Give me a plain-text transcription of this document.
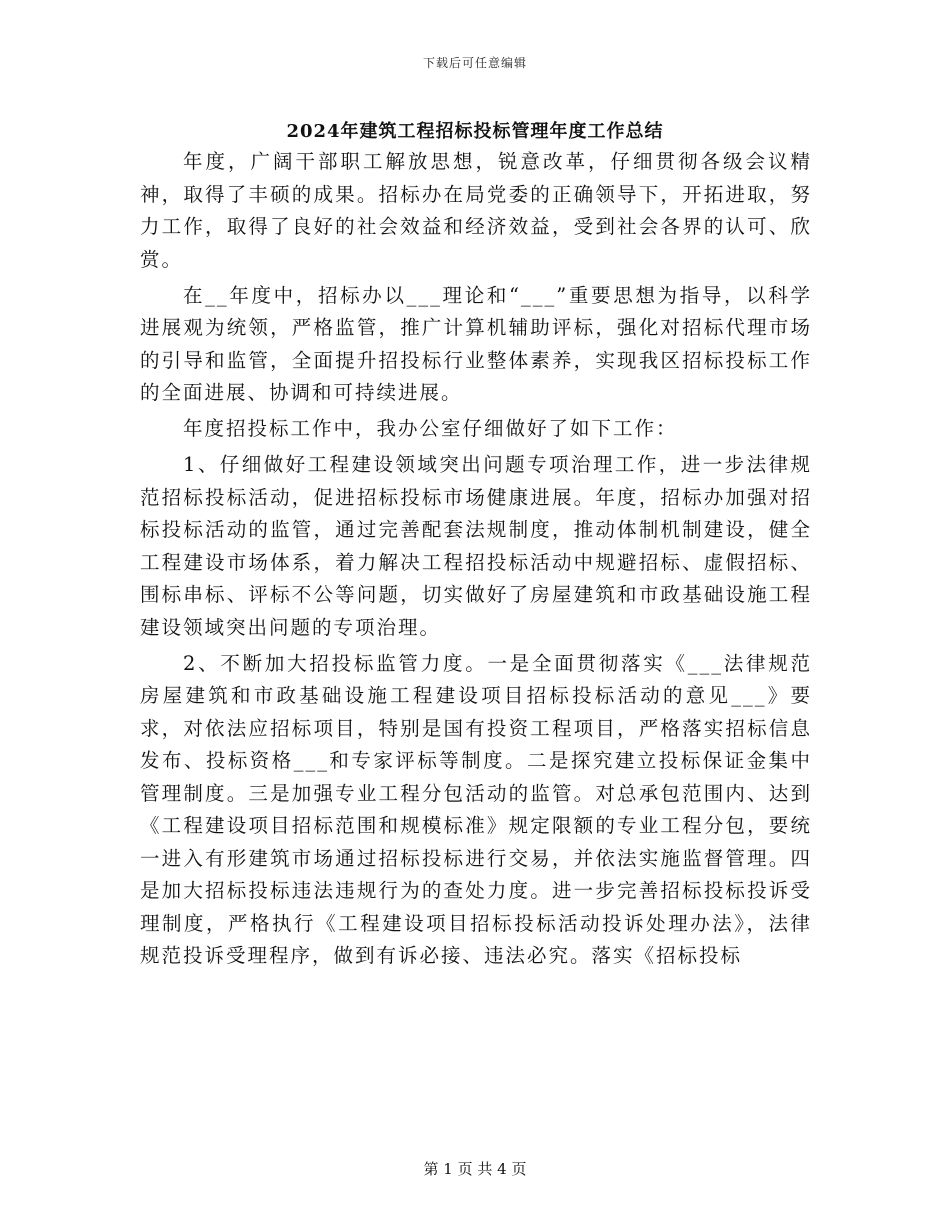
下载后可任意编辑
2024年建筑工程招标投标管理年度工作总结

年度，广阔干部职工解放思想，锐意改革，仔细贯彻各级会议精神，取得了丰硕的成果。招标办在局党委的正确领导下，开拓进取，努力工作，取得了良好的社会效益和经济效益，受到社会各界的认可、欣赏。

在__年度中，招标办以___理论和“___”重要思想为指导，以科学进展观为统领，严格监管，推广计算机辅助评标，强化对招标代理市场的引导和监管，全面提升招投标行业整体素养，实现我区招标投标工作的全面进展、协调和可持续进展。

年度招投标工作中，我办公室仔细做好了如下工作：

1、仔细做好工程建设领域突出问题专项治理工作，进一步法律规范招标投标活动，促进招标投标市场健康进展。年度，招标办加强对招标投标活动的监管，通过完善配套法规制度，推动体制机制建设，健全工程建设市场体系，着力解决工程招投标活动中规避招标、虚假招标、围标串标、评标不公等问题，切实做好了房屋建筑和市政基础设施工程建设领域突出问题的专项治理。

2、不断加大招投标监管力度。一是全面贯彻落实《___法律规范房屋建筑和市政基础设施工程建设项目招标投标活动的意见___》要求，对依法应招标项目，特别是国有投资工程项目，严格落实招标信息发布、投标资格___和专家评标等制度。二是探究建立投标保证金集中管理制度。三是加强专业工程分包活动的监管。对总承包范围内、达到《工程建设项目招标范围和规模标准》规定限额的专业工程分包，要统一进入有形建筑市场通过招标投标进行交易，并依法实施监督管理。四是加大招标投标违法违规行为的查处力度。进一步完善招标投标投诉受理制度，严格执行《工程建设项目招标投标活动投诉处理办法》，法律规范投诉受理程序，做到有诉必接、违法必究。落实《招标投标

第 1 页 共 4 页
